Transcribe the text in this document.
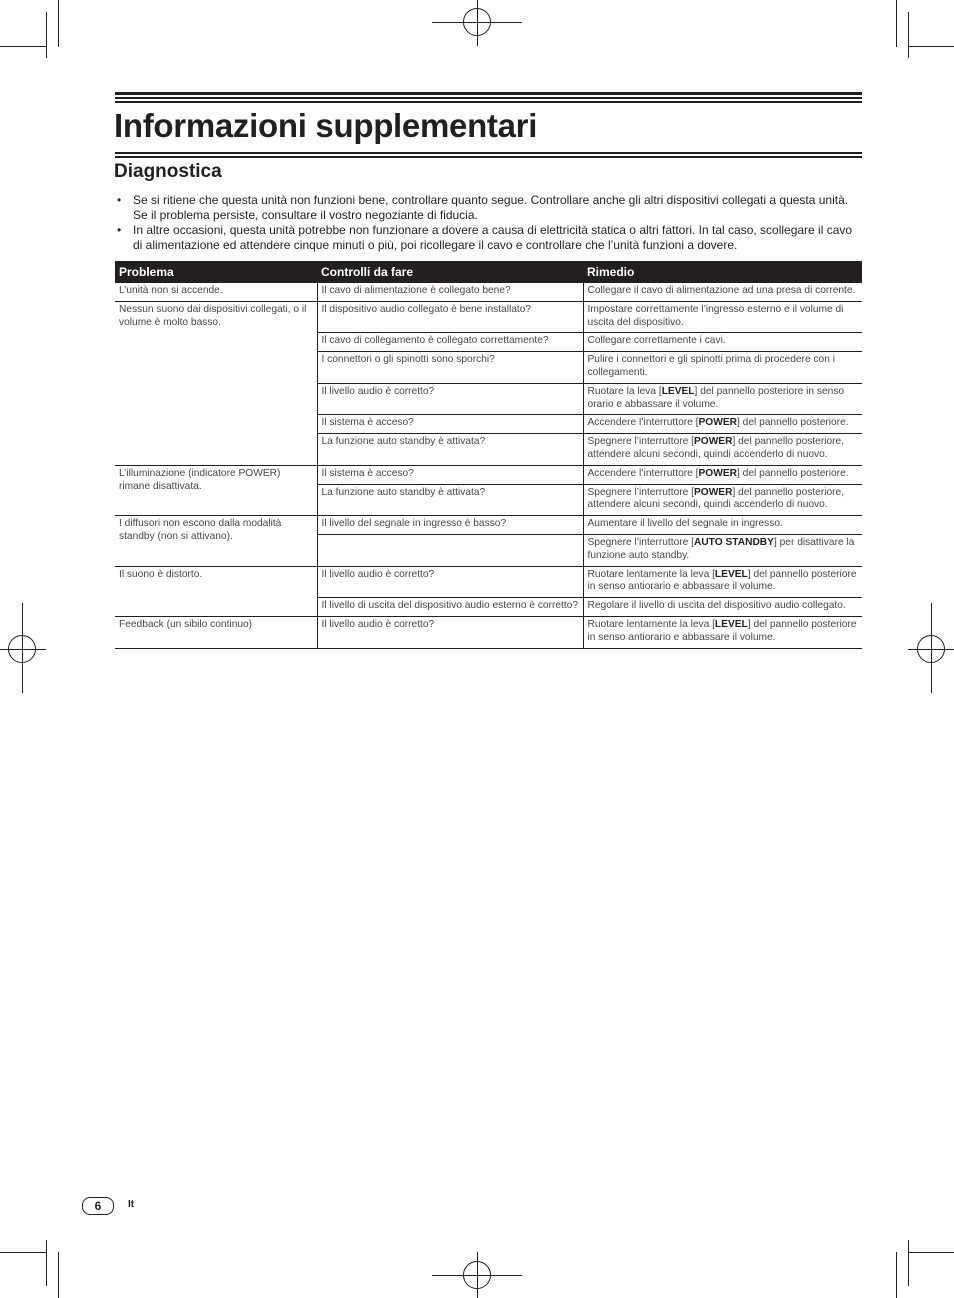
Informazioni supplementari
Diagnostica
• Se si ritiene che questa unità non funzioni bene, controllare quanto segue. Controllare anche gli altri dispositivi collegati a questa unità. Se il problema persiste, consultare il vostro negoziante di fiducia.
• In altre occasioni, questa unità potrebbe non funzionare a dovere a causa di elettricità statica o altri fattori. In tal caso, scollegare il cavo di alimentazione ed attendere cinque minuti o più, poi ricollegare il cavo e controllare che l’unità funzioni a dovere.
Problema	Controlli da fare	Rimedio
L’unità non si accende.	Il cavo di alimentazione è collegato bene?	Collegare il cavo di alimentazione ad una presa di corrente.
Nessun suono dai dispositivi collegati, o il volume è molto basso.	Il dispositivo audio collegato è bene installato?	Impostare correttamente l’ingresso esterno e il volume di uscita del dispositivo.
	Il cavo di collegamento è collegato correttamente?	Collegare correttamente i cavi.
	I connettori o gli spinotti sono sporchi?	Pulire i connettori e gli spinotti prima di procedere con i collegamenti.
	Il livello audio è corretto?	Ruotare la leva [LEVEL] del pannello posteriore in senso orario e abbassare il volume.
	Il sistema è acceso?	Accendere l’interruttore [POWER] del pannello posteriore.
	La funzione auto standby è attivata?	Spegnere l’interruttore [POWER] del pannello posteriore, attendere alcuni secondi, quindi accenderlo di nuovo.
L’illuminazione (indicatore POWER) rimane disattivata.	Il sistema è acceso?	Accendere l’interruttore [POWER] del pannello posteriore.
	La funzione auto standby è attivata?	Spegnere l’interruttore [POWER] del pannello posteriore, attendere alcuni secondi, quindi accenderlo di nuovo.
I diffusori non escono dalla modalità standby (non si attivano).	Il livello del segnale in ingresso è basso?	Aumentare il livello del segnale in ingresso.
		Spegnere l’interruttore [AUTO STANDBY] per disattivare la funzione auto standby.
Il suono è distorto.	Il livello audio è corretto?	Ruotare lentamente la leva [LEVEL] del pannello posteriore in senso antiorario e abbassare il volume.
	Il livello di uscita del dispositivo audio esterno è corretto?	Regolare il livello di uscita del dispositivo audio collegato.
Feedback (un sibilo continuo)	Il livello audio è corretto?	Ruotare lentamente la leva [LEVEL] del pannello posteriore in senso antiorario e abbassare il volume.
6	It
